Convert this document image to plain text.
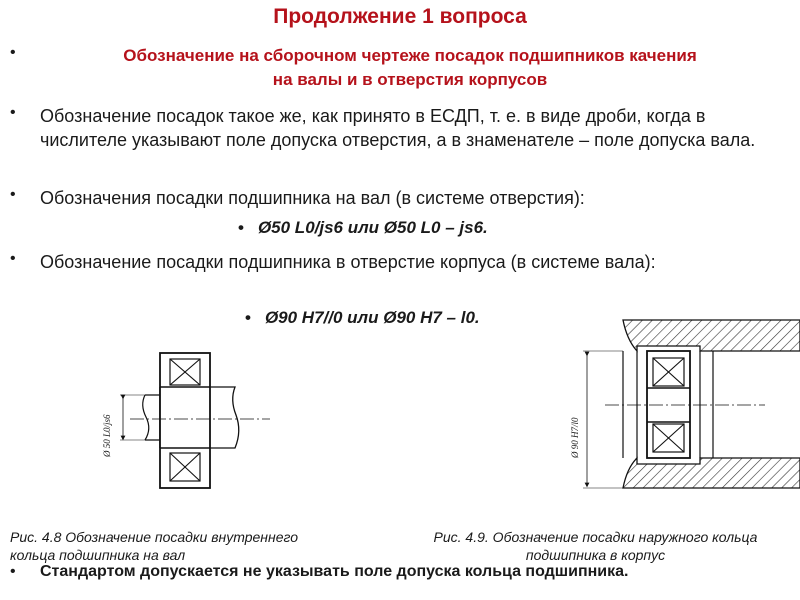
Продолжение 1 вопроса
•	Обозначение на сборочном чертеже посадок подшипников качения
на валы и в отверстия корпусов
• Обозначение посадок такое же, как принято в ЕСДП, т. е. в виде дроби, когда в числителе указывают поле допуска отверстия, а в знаменателе – поле допуска вала.
• Обозначения посадки подшипника на вал (в системе отверстия):
• Ø50 L0/js6 или Ø50 L0 – js6.
• Обозначение посадки подшипника в отверстие корпуса (в системе вала):
• Ø90 H7//0 или Ø90 H7 – l0.
Ø 50 L0/js6	Ø 90 H7/l0
Рис. 4.8 Обозначение посадки внутреннего
кольца подшипника на вал
Рис. 4.9. Обозначение посадки наружного кольца
подшипника в корпус
• Стандартом допускается не указывать поле допуска кольца подшипника.
